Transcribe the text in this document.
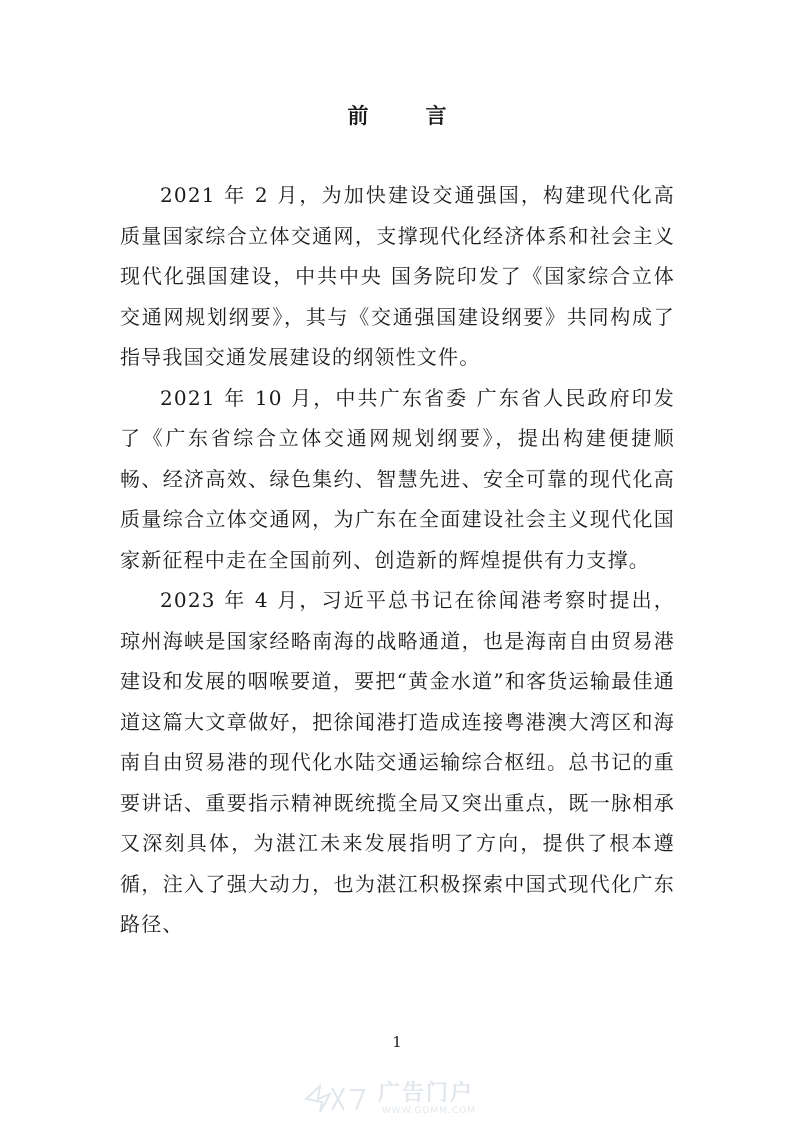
前　言

2021 年 2 月，为加快建设交通强国，构建现代化高质量国家综合立体交通网，支撑现代化经济体系和社会主义现代化强国建设，中共中央 国务院印发了《国家综合立体交通网规划纲要》，其与《交通强国建设纲要》共同构成了指导我国交通发展建设的纲领性文件。

2021 年 10 月，中共广东省委 广东省人民政府印发了《广东省综合立体交通网规划纲要》，提出构建便捷顺畅、经济高效、绿色集约、智慧先进、安全可靠的现代化高质量综合立体交通网，为广东在全面建设社会主义现代化国家新征程中走在全国前列、创造新的辉煌提供有力支撑。

2023 年 4 月，习近平总书记在徐闻港考察时提出，琼州海峡是国家经略南海的战略通道，也是海南自由贸易港建设和发展的咽喉要道，要把“黄金水道”和客货运输最佳通道这篇大文章做好，把徐闻港打造成连接粤港澳大湾区和海南自由贸易港的现代化水陆交通运输综合枢纽。总书记的重要讲话、重要指示精神既统揽全局又突出重点，既一脉相承又深刻具体，为湛江未来发展指明了方向，提供了根本遵循，注入了强大动力，也为湛江积极探索中国式现代化广东路径、

1
广告门户
WWW.GDMM.COM
